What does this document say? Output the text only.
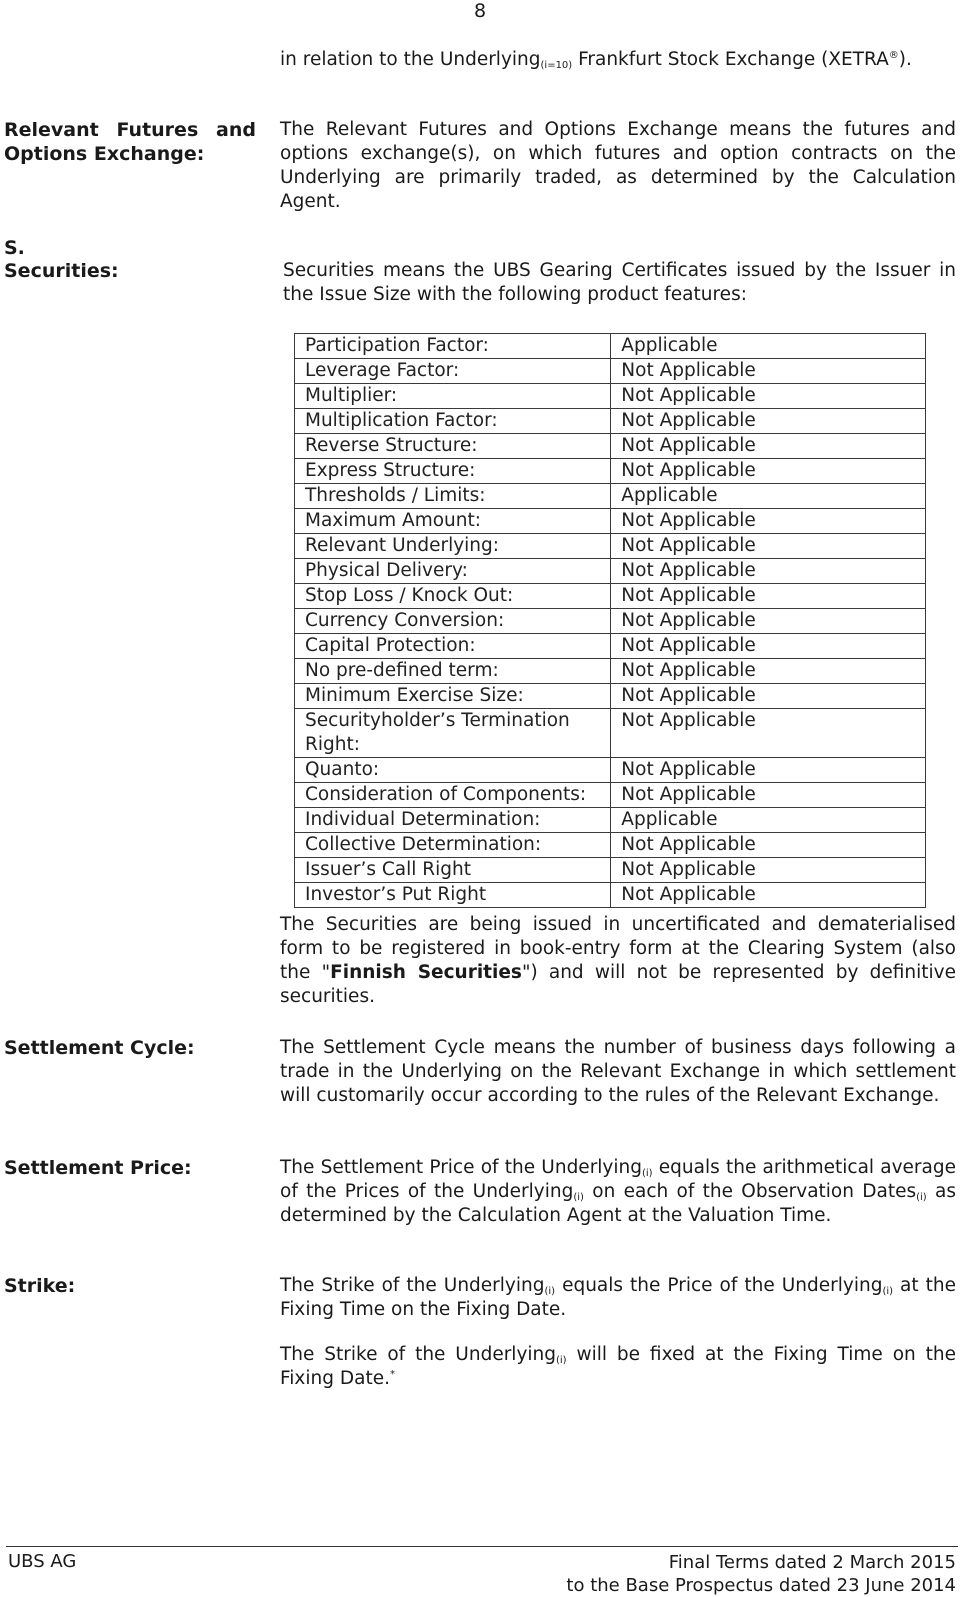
8
in relation to the Underlying$_{(i=10)}$ Frankfurt Stock Exchange (XETRA®).
Relevant Futures and
Options Exchange:
The Relevant Futures and Options Exchange means the futures and options exchange(s), on which futures and option contracts on the Underlying are primarily traded, as determined by the Calculation Agent.
S.
Securities:	Securities means the UBS Gearing Certificates issued by the Issuer in the Issue Size with the following product features:
Participation Factor:	Applicable
Leverage Factor:	Not Applicable
Multiplier:	Not Applicable
Multiplication Factor:	Not Applicable
Reverse Structure:	Not Applicable
Express Structure:	Not Applicable
Thresholds / Limits:	Applicable
Maximum Amount:	Not Applicable
Relevant Underlying:	Not Applicable
Physical Delivery:	Not Applicable
Stop Loss / Knock Out:	Not Applicable
Currency Conversion:	Not Applicable
Capital Protection:	Not Applicable
No pre-defined term:	Not Applicable
Minimum Exercise Size:	Not Applicable
Securityholder’s Termination Right:	Not Applicable
Quanto:	Not Applicable
Consideration of Components:	Not Applicable
Individual Determination:	Applicable
Collective Determination:	Not Applicable
Issuer’s Call Right	Not Applicable
Investor’s Put Right	Not Applicable
The Securities are being issued in uncertificated and dematerialised form to be registered in book-entry form at the Clearing System (also the "Finnish Securities") and will not be represented by definitive securities.
Settlement Cycle:	The Settlement Cycle means the number of business days following a trade in the Underlying on the Relevant Exchange in which settlement will customarily occur according to the rules of the Relevant Exchange.
Settlement Price:	The Settlement Price of the Underlying$_{(i)}$ equals the arithmetical average of the Prices of the Underlying$_{(i)}$ on each of the Observation Dates$_{(i)}$ as determined by the Calculation Agent at the Valuation Time.
Strike:	The Strike of the Underlying$_{(i)}$ equals the Price of the Underlying$_{(i)}$ at the Fixing Time on the Fixing Date.
The Strike of the Underlying$_{(i)}$ will be fixed at the Fixing Time on the Fixing Date.*
UBS AG	Final Terms dated 2 March 2015
to the Base Prospectus dated 23 June 2014
